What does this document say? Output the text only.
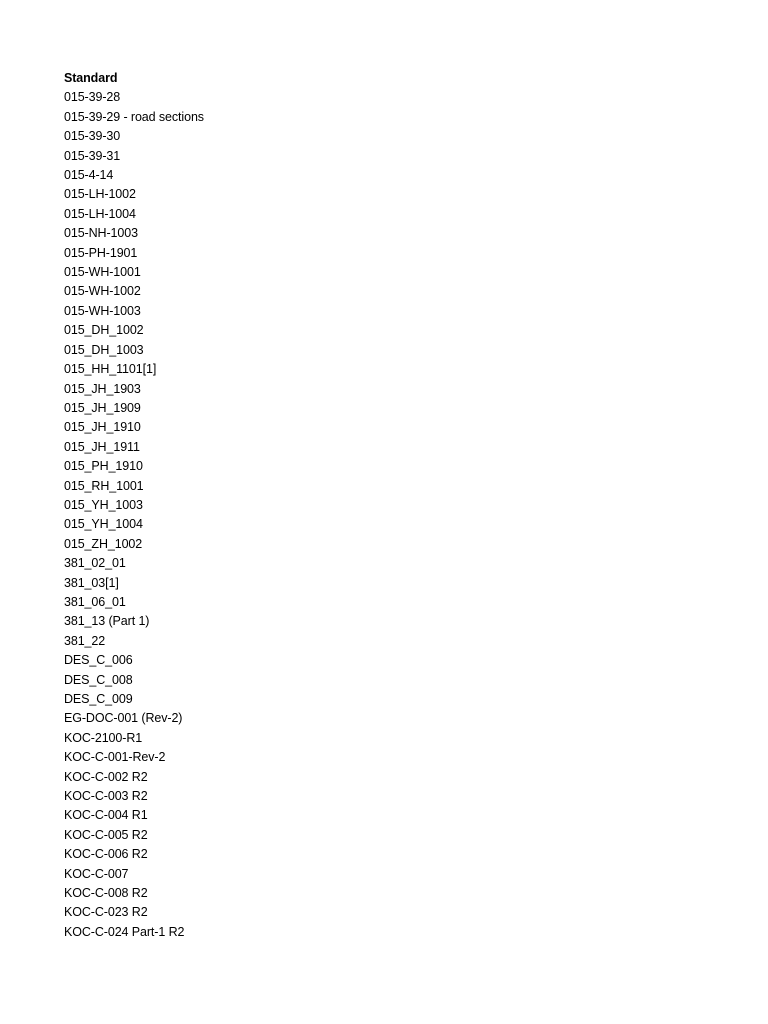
Standard
015-39-28
015-39-29 - road sections
015-39-30
015-39-31
015-4-14
015-LH-1002
015-LH-1004
015-NH-1003
015-PH-1901
015-WH-1001
015-WH-1002
015-WH-1003
015_DH_1002
015_DH_1003
015_HH_1101[1]
015_JH_1903
015_JH_1909
015_JH_1910
015_JH_1911
015_PH_1910
015_RH_1001
015_YH_1003
015_YH_1004
015_ZH_1002
381_02_01
381_03[1]
381_06_01
381_13 (Part 1)
381_22
DES_C_006
DES_C_008
DES_C_009
EG-DOC-001 (Rev-2)
KOC-2100-R1
KOC-C-001-Rev-2
KOC-C-002 R2
KOC-C-003 R2
KOC-C-004 R1
KOC-C-005 R2
KOC-C-006 R2
KOC-C-007
KOC-C-008 R2
KOC-C-023 R2
KOC-C-024 Part-1 R2
